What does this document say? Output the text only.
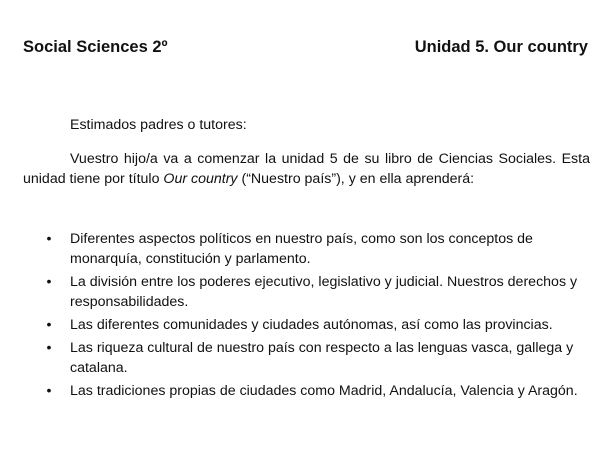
Social Sciences 2º	Unidad 5. Our country
Estimados padres o tutores:
Vuestro hijo/a va a comenzar la unidad 5 de su libro de Ciencias Sociales. Esta unidad tiene por título Our country (“Nuestro país”), y en ella aprenderá:
• Diferentes aspectos políticos en nuestro país, como son los conceptos de monarquía, constitución y parlamento.
• La división entre los poderes ejecutivo, legislativo y judicial. Nuestros derechos y responsabilidades.
• Las diferentes comunidades y ciudades autónomas, así como las provincias.
• Las riqueza cultural de nuestro país con respecto a las lenguas vasca, gallega y catalana.
• Las tradiciones propias de ciudades como Madrid, Andalucía, Valencia y Aragón.
